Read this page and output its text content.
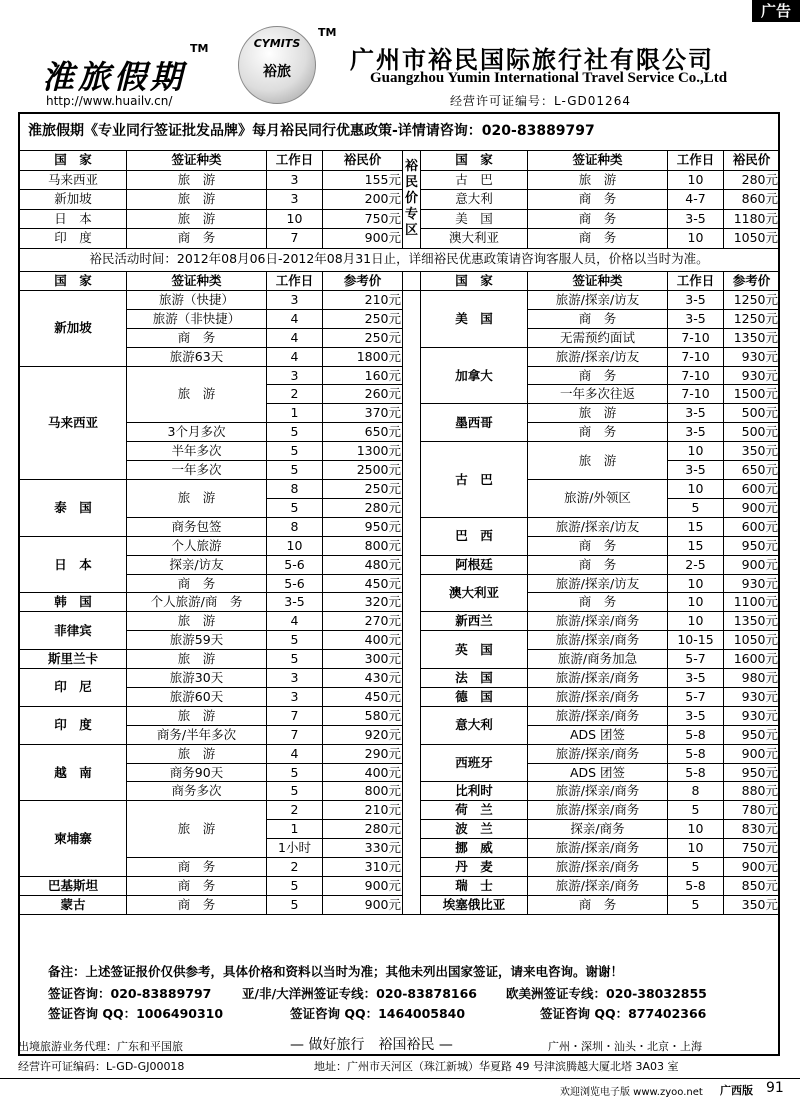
广告
淮旅假期
TM
http://www.huailv.cn/
CYMITS
裕旅
TM
广州市裕民国际旅行社有限公司
Guangzhou Yumin International Travel Service Co.,Ltd
经营许可证编号：L-GD01264
淮旅假期《专业同行签证批发品牌》每月裕民同行优惠政策-详情请咨询：020-83889797
国　家	签证种类	工作日	裕民价	裕
民
价
专
区	国　家	签证种类	工作日	裕民价
马来西亚	旅　游	3	155元		古　巴	旅　游	10	280元
新加坡	旅　游	3	200元		意大利	商　务	4-7	860元
日　本	旅　游	10	750元		美　国	商　务	3-5	1180元
印　度	商　务	7	900元		澳大利亚	商　务	10	1050元
裕民活动时间：2012年08月06日-2012年08月31日止，详细裕民优惠政策请咨询客服人员，价格以当时为准。
国　家	签证种类	工作日	参考价		国　家	签证种类	工作日	参考价
新加坡	旅游（快捷）	3	210元		美　国	旅游/探亲/访友	3-5	1250元
	旅游（非快捷）	4	250元			商　务	3-5	1250元
	商　务	4	250元			无需预约面试	7-10	1350元
	旅游63天	4	1800元		加拿大	旅游/探亲/访友	7-10	930元
马来西亚	旅　游	3	160元			商　务	7-10	930元
		2	260元			一年多次往返	7-10	1500元
		1	370元		墨西哥	旅　游	3-5	500元
	3个月多次	5	650元			商　务	3-5	500元
	半年多次	5	1300元		古　巴	旅　游	10	350元
	一年多次	5	2500元				3-5	650元
泰　国	旅　游	8	250元			旅游/外领区	10	600元
		5	280元				5	900元
	商务包签	8	950元		巴　西	旅游/探亲/访友	15	600元
日　本	个人旅游	10	800元			商　务	15	950元
	探亲/访友	5-6	480元		阿根廷	商　务	2-5	900元
	商　务	5-6	450元		澳大利亚	旅游/探亲/访友	10	930元
韩　国	个人旅游/商　务	3-5	320元			商　务	10	1100元
菲律宾	旅　游	4	270元		新西兰	旅游/探亲/商务	10	1350元
	旅游59天	5	400元		英　国	旅游/探亲/商务	10-15	1050元
斯里兰卡	旅　游	5	300元			旅游/商务加急	5-7	1600元
印　尼	旅游30天	3	430元		法　国	旅游/探亲/商务	3-5	980元
	旅游60天	3	450元		德　国	旅游/探亲/商务	5-7	930元
印　度	旅　游	7	580元		意大利	旅游/探亲/商务	3-5	930元
	商务/半年多次	7	920元			ADS 团签	5-8	950元
越　南	旅　游	4	290元		西班牙	旅游/探亲/商务	5-8	900元
	商务90天	5	400元			ADS 团签	5-8	950元
	商务多次	5	800元		比利时	旅游/探亲/商务	8	880元
柬埔寨	旅　游	2	210元		荷　兰	旅游/探亲/商务	5	780元
		1	280元		波　兰	探亲/商务	10	830元
		1小时	330元		挪　威	旅游/探亲/商务	10	750元
	商　务	2	310元		丹　麦	旅游/探亲/商务	5	900元
巴基斯坦	商　务	5	900元		瑞　士	旅游/探亲/商务	5-8	850元
蒙古	商　务	5	900元		埃塞俄比亚	商　务	5	350元
备注：上述签证报价仅供参考，具体价格和资料以当时为准；其他未列出国家签证，请来电咨询。谢谢！
签证咨询：020-83889797 亚/非/大洋洲签证专线：020-83878166 欧美洲签证专线：020-38032855
签证咨询 QQ：1006490310	签证咨询 QQ：1464005840	签证咨询 QQ：877402366
出境旅游业务代理：广东和平国旅	— 做好旅行　裕国裕民 —	广州・深圳・汕头・北京・上海
经营许可证编码：L-GD-GJ00018	地址：广州市天河区（珠江新城）华夏路 49 号津滨腾越大厦北塔 3A03 室
欢迎浏览电子版 www.zyoo.net 广西版 91
